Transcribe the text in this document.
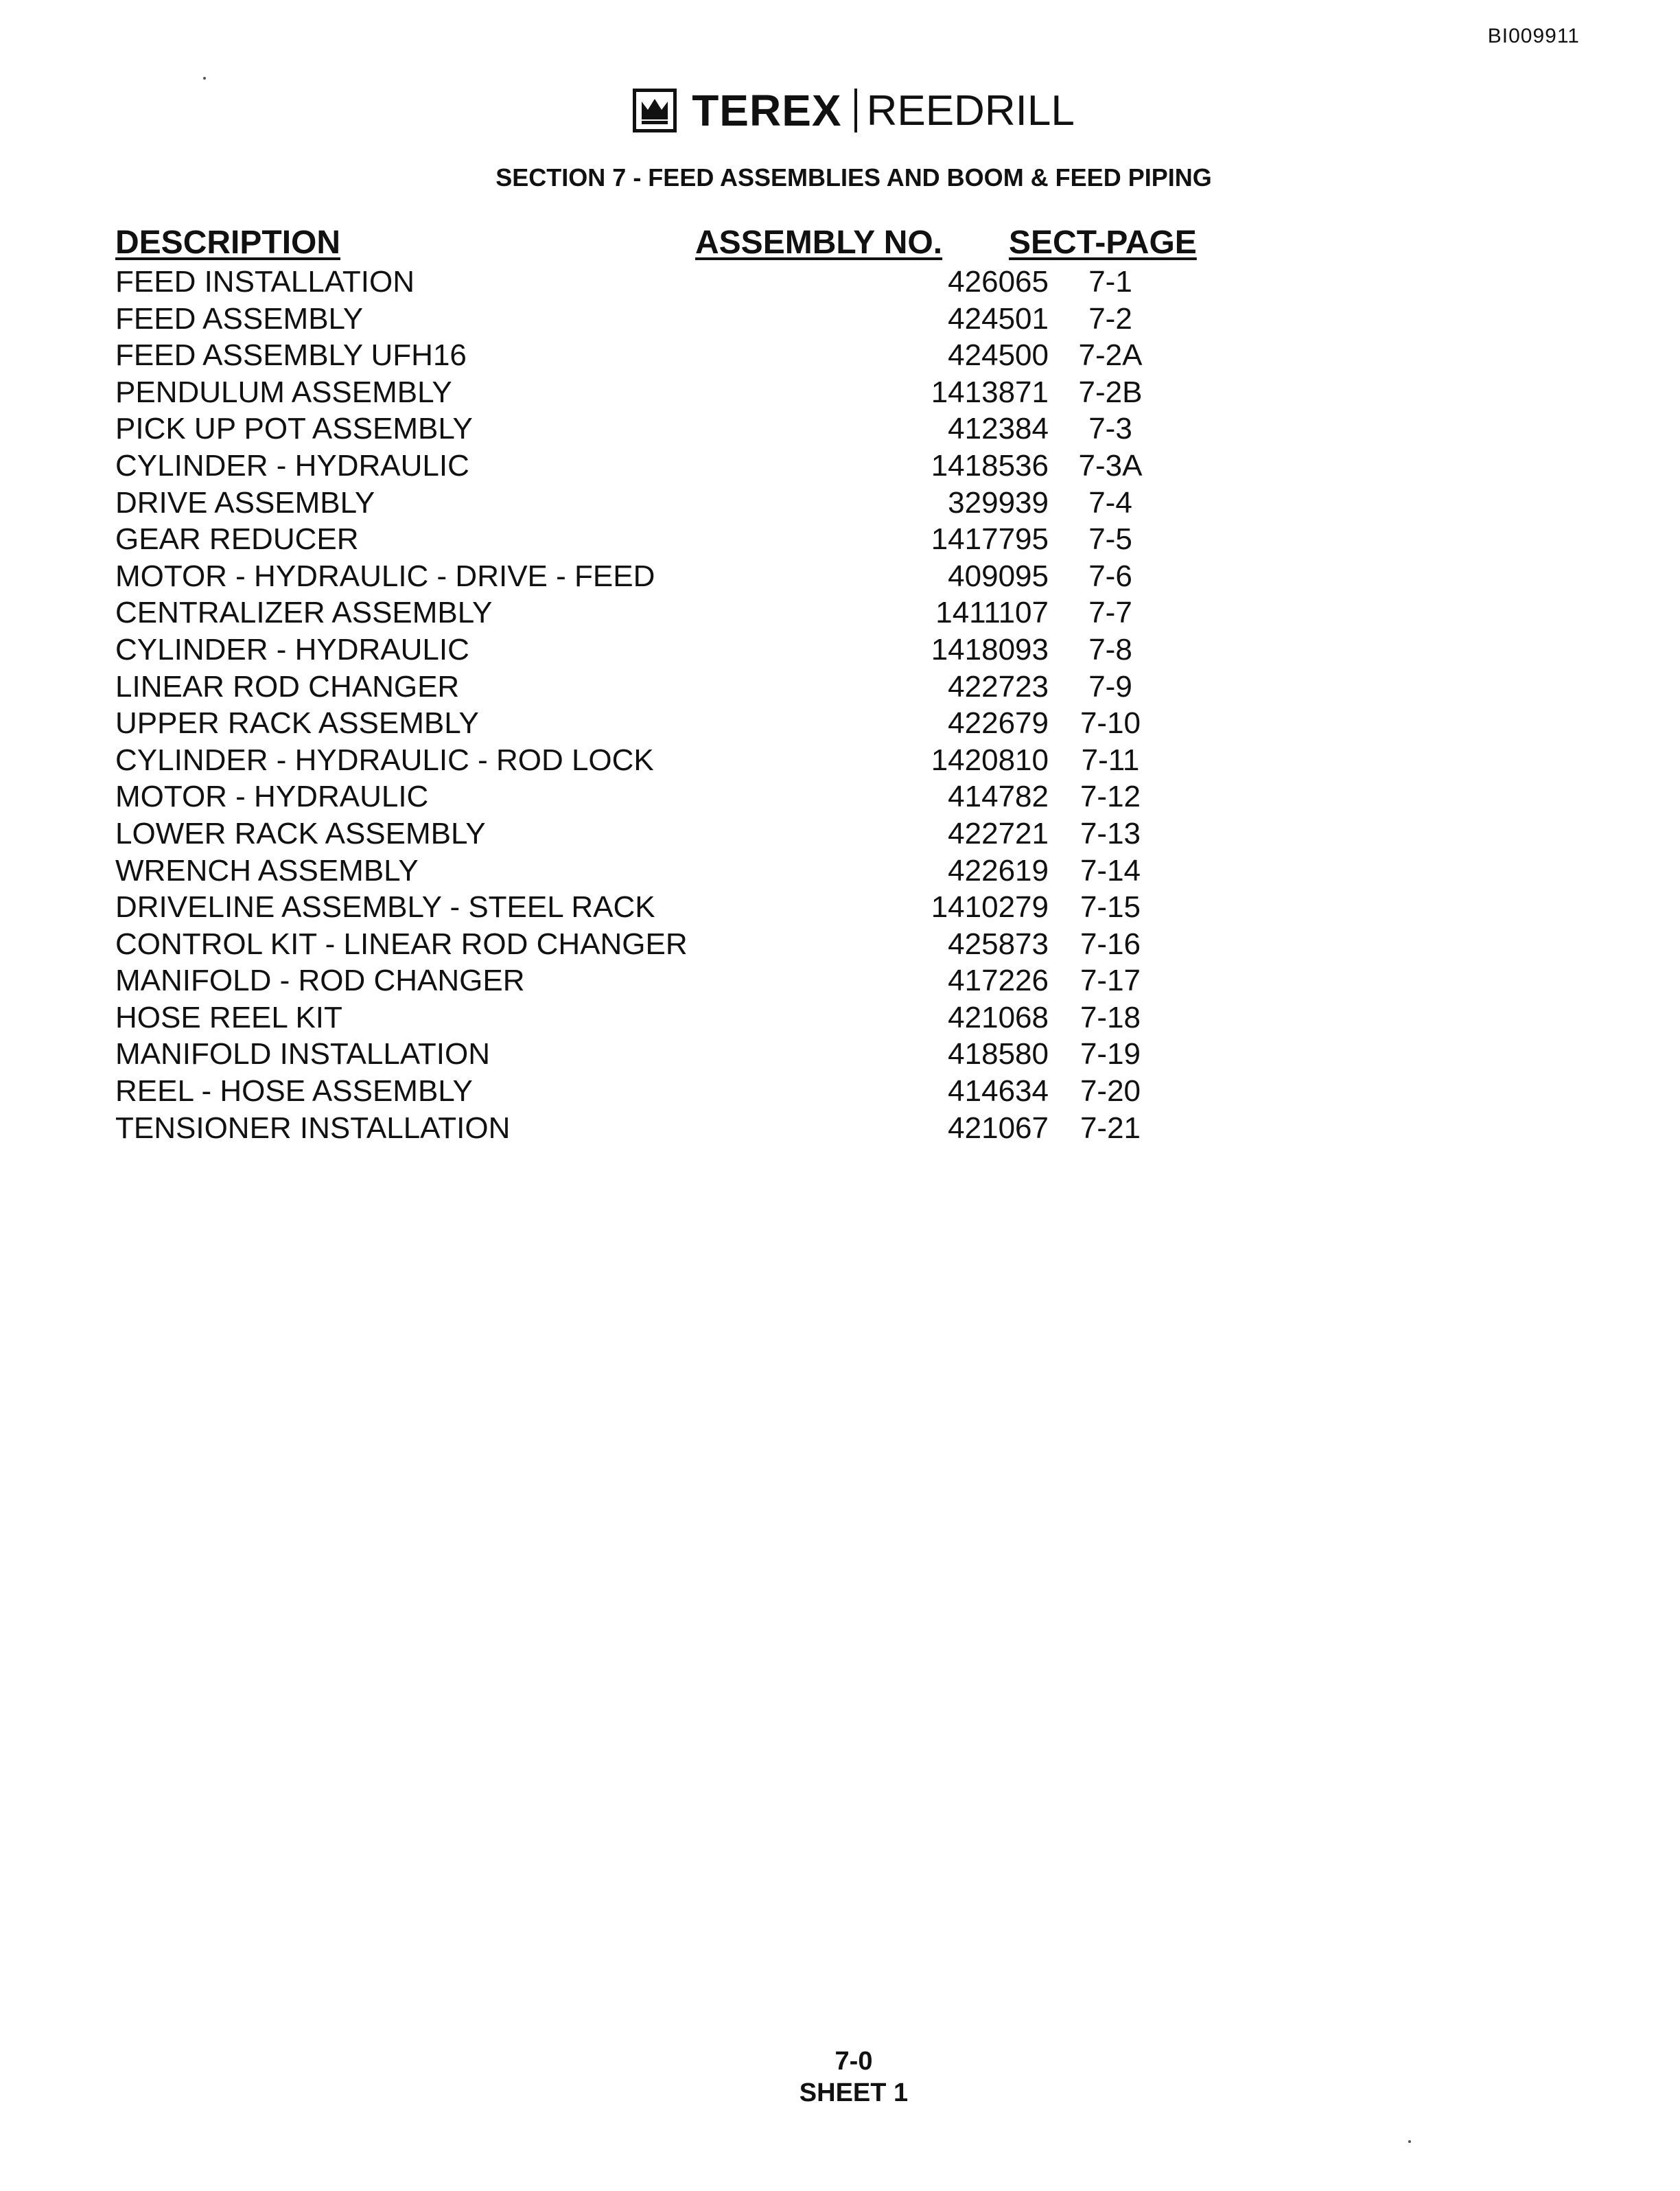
BI009911
TEREX REEDRILL
SECTION 7 - FEED ASSEMBLIES AND BOOM & FEED PIPING
DESCRIPTION	ASSEMBLY NO. SECT-PAGE
FEED INSTALLATION	426065	7-1
FEED ASSEMBLY	424501	7-2
FEED ASSEMBLY UFH16	424500 7-2A
PENDULUM ASSEMBLY	1413871 7-2B
PICK UP POT ASSEMBLY	412384	7-3
CYLINDER - HYDRAULIC	1418536 7-3A
DRIVE ASSEMBLY	329939	7-4
GEAR REDUCER	1417795	7-5
MOTOR - HYDRAULIC - DRIVE - FEED	409095	7-6
CENTRALIZER ASSEMBLY	1411107	7-7
CYLINDER - HYDRAULIC	1418093	7-8
LINEAR ROD CHANGER	422723	7-9
UPPER RACK ASSEMBLY	422679	7-10
CYLINDER - HYDRAULIC - ROD LOCK	1420810	7-11
MOTOR - HYDRAULIC	414782	7-12
LOWER RACK ASSEMBLY	422721	7-13
WRENCH ASSEMBLY	422619	7-14
DRIVELINE ASSEMBLY - STEEL RACK	1410279	7-15
CONTROL KIT - LINEAR ROD CHANGER	425873	7-16
MANIFOLD - ROD CHANGER	417226	7-17
HOSE REEL KIT	421068	7-18
MANIFOLD INSTALLATION	418580	7-19
REEL - HOSE ASSEMBLY	414634	7-20
TENSIONER INSTALLATION	421067	7-21
7-0
SHEET 1
